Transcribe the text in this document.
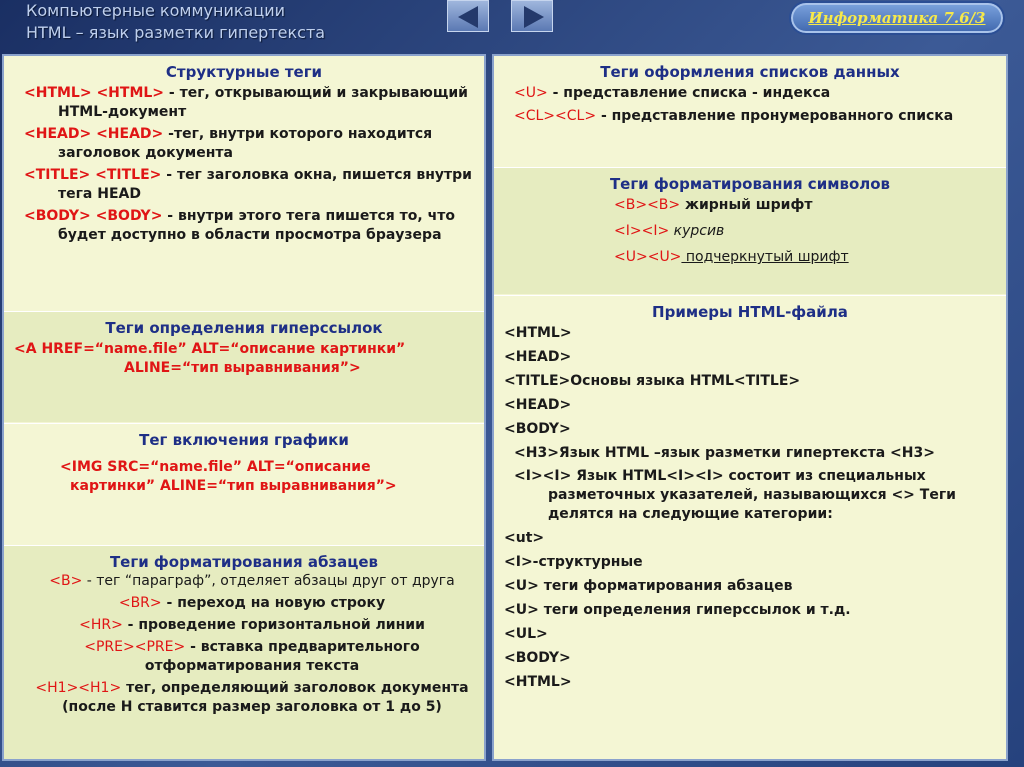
Компьютерные коммуникации
HTML – язык разметки гипертекста
Информатика 7.6/3
Структурные теги
<HTML> <HTML> - тег, открывающий и закрывающий HTML-документ
<HEAD> <HEAD> -тег, внутри которого находится заголовок документа
<TITLE> <TITLE> - тег заголовка окна, пишется внутри тега HEAD
<BODY> <BODY> - внутри этого тега пишется то, что будет доступно в области просмотра браузера
Теги определения гиперссылок
<A HREF=“name.file” ALT=“описание картинки”
ALINE=“тип выравнивания”>
Тег включения графики
<IMG SRC=“name.file” ALT=“описание
картинки” ALINE=“тип выравнивания”>
Теги форматирования абзацев
<B> - тег “параграф”, отделяет абзацы друг от друга
<BR> - переход на новую строку
<HR> - проведение горизонтальной линии
<PRE><PRE> - вставка предварительного отформатирования текста
<H1><H1> тег, определяющий заголовок документа (после Н ставится размер заголовка от 1 до 5)
Теги оформления списков данных
<U> - представление списка - индекса
<CL><CL> - представление пронумерованного списка
Теги форматирования символов
<B><B> жирный шрифт
<I><I> курсив
<U><U> подчеркнутый шрифт
Примеры HTML-файла
<HTML>
<HEAD>
<TITLE>Основы языка HTML<TITLE>
<HEAD>
<BODY>
<H3>Язык HTML –язык разметки гипертекста <H3>
<I><I> Язык HTML<I><I> состоит из специальных разметочных указателей, называющихся <> Теги делятся на следующие категории:
<ut>
<I>-структурные
<U> теги форматирования абзацев
<U> теги определения гиперссылок и т.д.
<UL>
<BODY>
<HTML>
